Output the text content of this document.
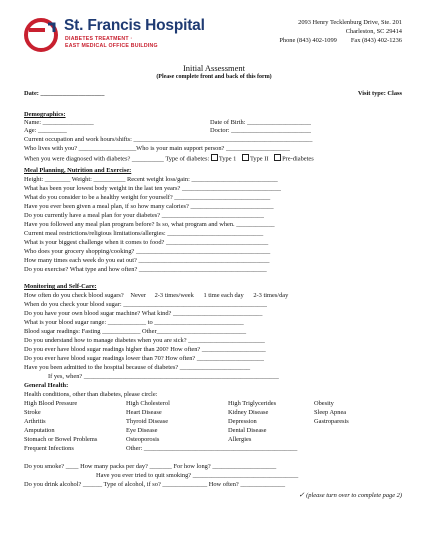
St. Francis Hospital
DIABETES TREATMENT ·
EAST MEDICAL OFFICE BUILDING
2093 Henry Tecklenburg Drive, Ste. 201
Charleston, SC 29414
Phone (843) 402-1099 Fax (843) 402-1236
Initial Assessment
(Please complete front and back of this form)
Date: ____________________	Visit type: Class
Demographics:
Name: ________________	Date of Birth: ____________________
Age: _________	Doctor: _________________________
Current occupation and work hours/shifts: ________________________________________________________
Who lives with you? __________________Who is your main support person? ____________________
When you were diagnosed with diabetes? __________ Type of diabetes: Type 1 Type II Pre-diabetes
Meal Planning, Nutrition and Exercise:
Height: ________ Weight: __________ Recent weight loss/gain: ___________________________
What has been your lowest body weight in the last ten years? _______________________________
What do you consider to be a healthy weight for yourself? ______________________________
Have you ever been given a meal plan, if so how many calories? __________________________
Do you currently have a meal plan for your diabetes? ________________________________
Have you followed any meal plan program before? Is so, what program and when. ____________
Current meal restrictions/religious limitations/allergies: ______________________________
What is your biggest challenge when it comes to food? ________________________________
Who does your grocery shopping/cooking? __________________________________________
How many times each week do you eat out? _________________________________________
Do you exercise? What type and how often? ________________________________________
Monitoring and Self-Care:
How often do you check blood sugars? Never 2-3 times/week 1 time each day 2-3 times/day
When do you check your blood sugar: _____________________________________________
Do you have your own blood sugar machine? What kind? ____________________________
What is your blood sugar range: ____________ to ____________________________
Blood sugar readings: Fasting ____________ Other____________________________
Do you understand how to manage diabetes when you are sick? ________________________
Do you ever have blood sugar readings higher than 200? How often? ____________________
Do you ever have blood sugar readings lower than 70? How often? _____________________
Have you been admitted to the hospital because of diabetes? ______________________
If yes, when? _____________________________________________________________
General Health:
Health conditions, other than diabetes, please circle:
High Blood Pressure	High Cholesterol	High Triglycerides	Obesity
Stroke	Heart Disease	Kidney Disease	Sleep Apnea
Arthritis	Thyroid Disease	Depression	Gastroparesis
Amputation	Eye Disease	Dental Disease
Stomach or Bowel Problems	Osteoporosis	Allergies
Frequent Infections	Other: ________________________________________________
Do you smoke? ____ How many packs per day? _______ For how long? ____________________
Have you ever tried to quit smoking? _________________________________
Do you drink alcohol? ______ Type of alcohol, if so? ______________ How often? ______________
✓ (please turn over to complete page 2)
